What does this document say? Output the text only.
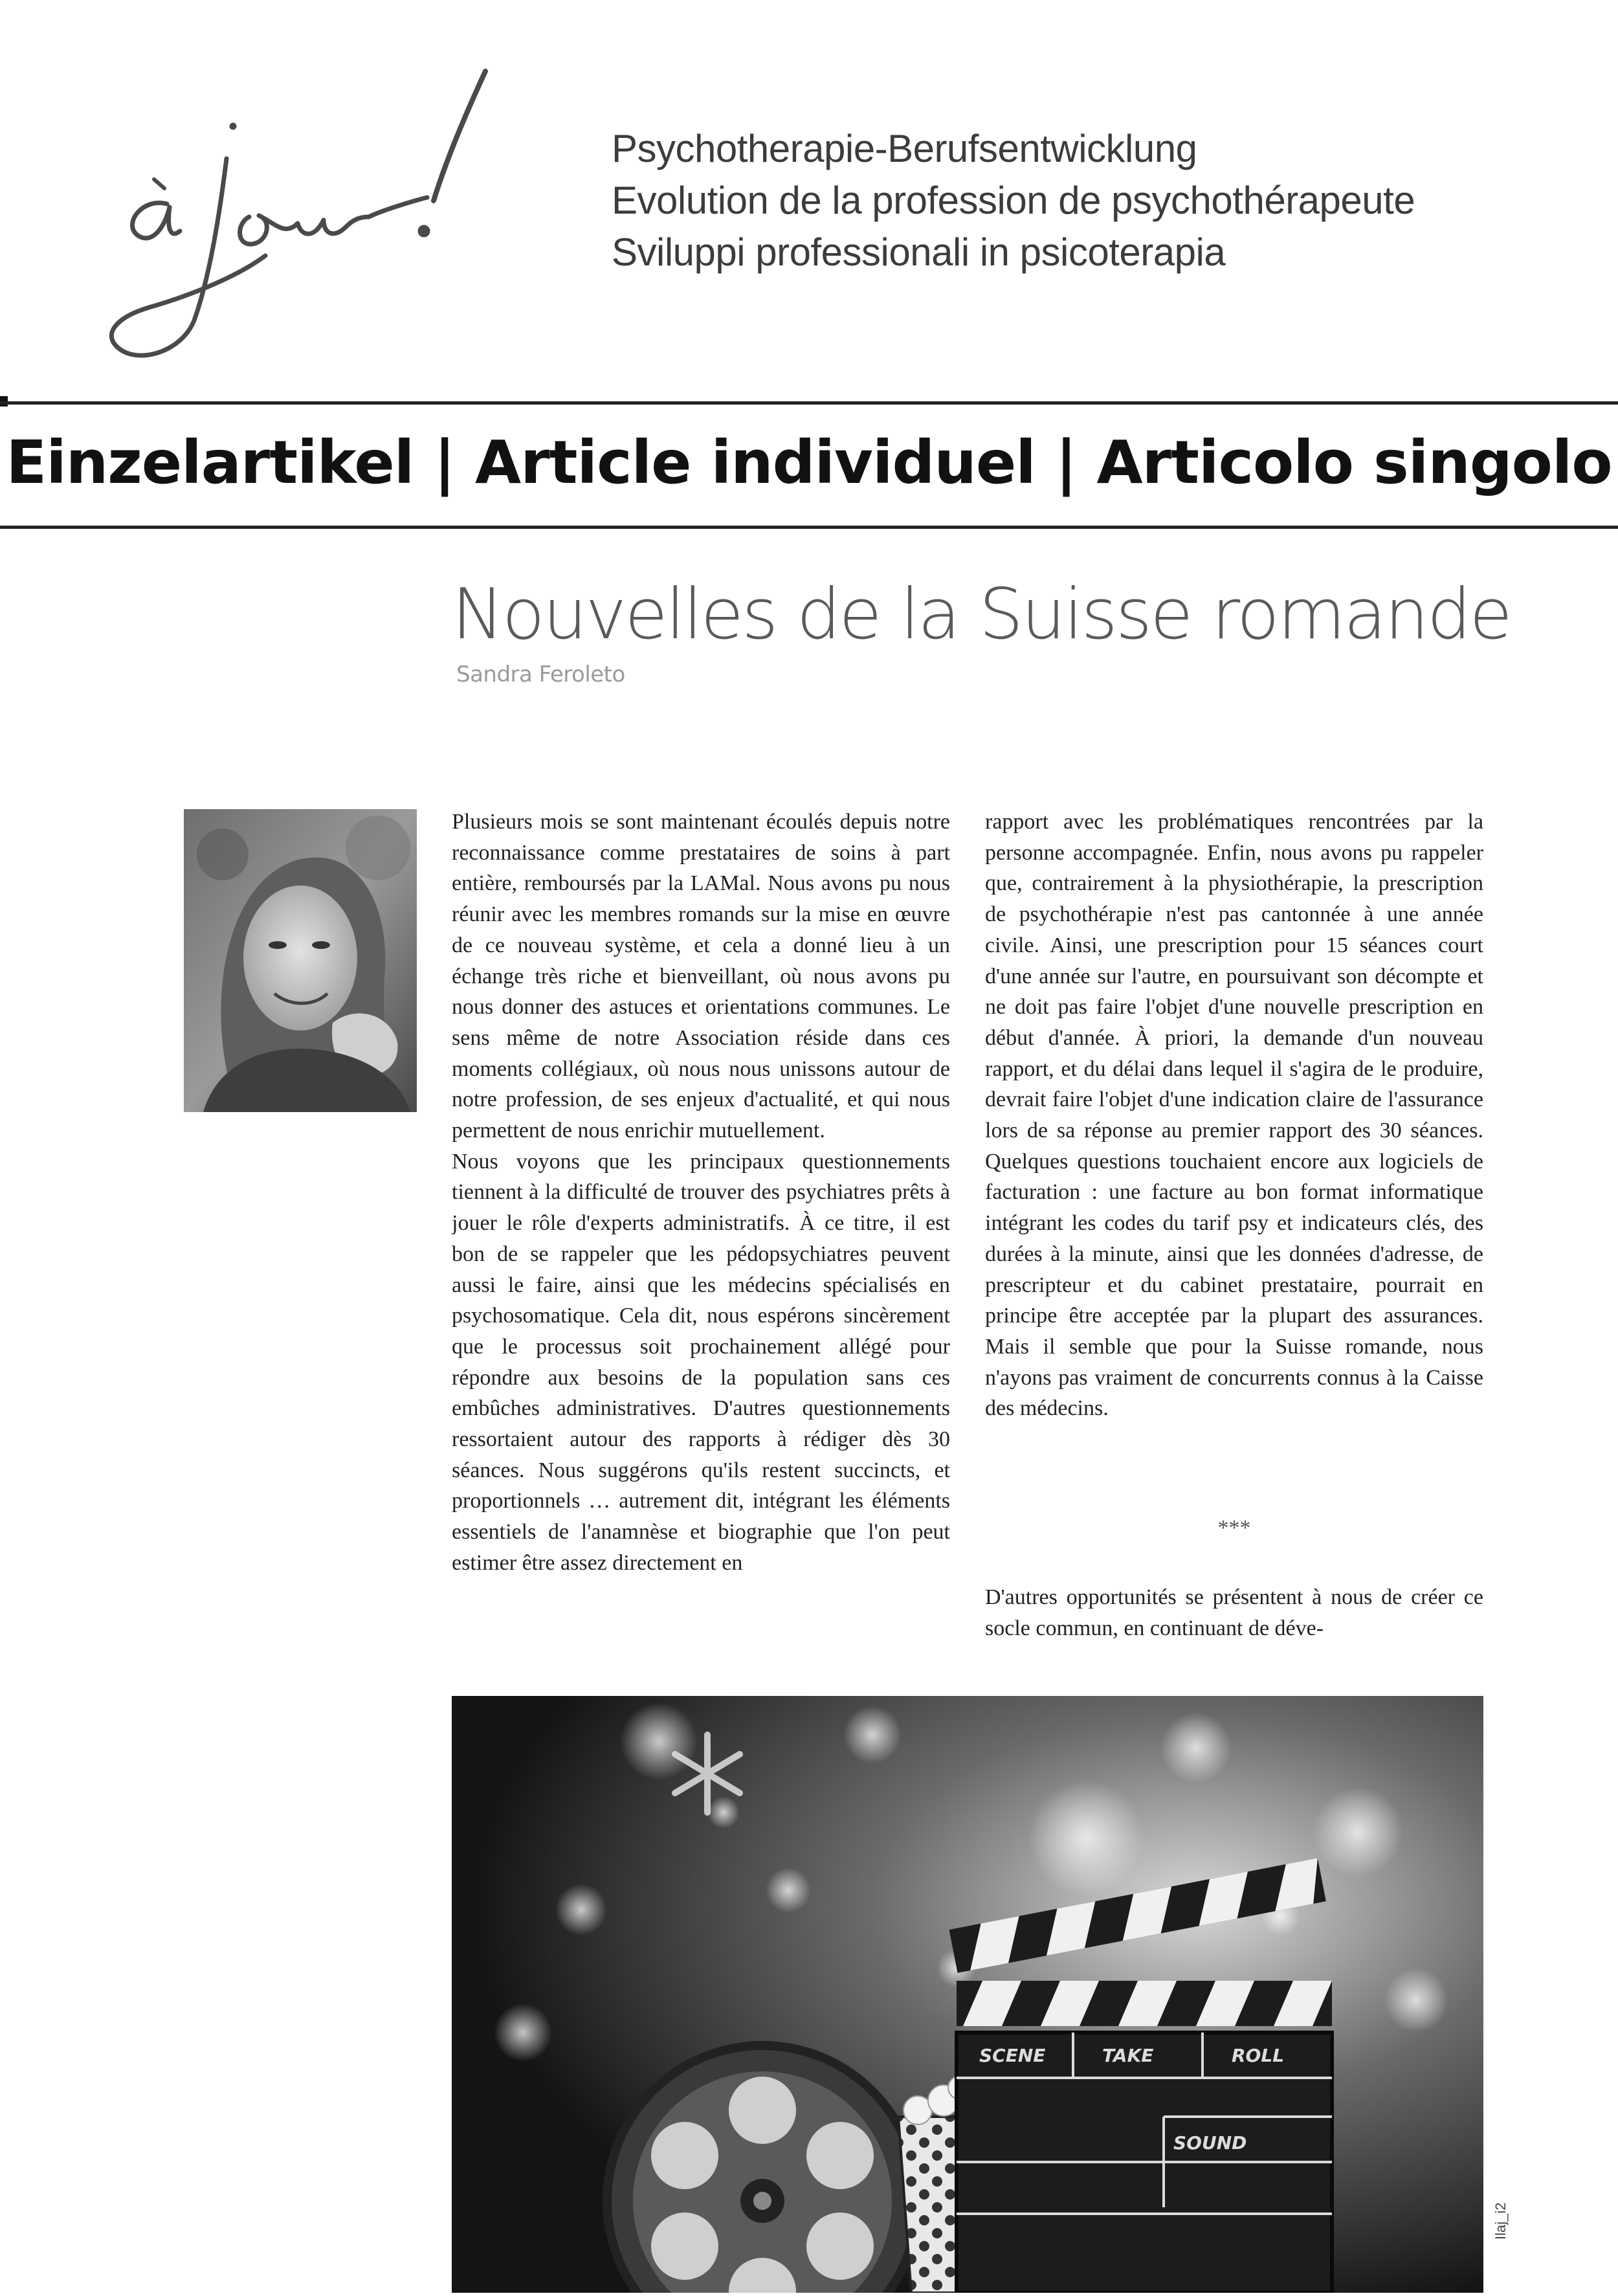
Psychotherapie-Berufsentwicklung
Evolution de la profession de psychothérapeute
Sviluppi professionali in psicoterapia
Einzelartikel | Article individuel | Articolo singolo
Nouvelles de la Suisse romande
Sandra Feroleto

Plusieurs mois se sont maintenant écoulés depuis notre reconnaissance comme prestataires de soins à part entière, remboursés par la LAMal. Nous avons pu nous réunir avec les membres romands sur la mise en œuvre de ce nouveau système, et cela a donné lieu à un échange très riche et bienveillant, où nous avons pu nous donner des astuces et orientations communes. Le sens même de notre Association réside dans ces moments collégiaux, où nous nous unissons autour de notre profession, de ses enjeux d'actualité, et qui nous permettent de nous enrichir mutuellement.

Nous voyons que les principaux questionnements tiennent à la difficulté de trouver des psychiatres prêts à jouer le rôle d'experts administratifs. À ce titre, il est bon de se rappeler que les pédopsychiatres peuvent aussi le faire, ainsi que les médecins spécialisés en psychosomatique. Cela dit, nous espérons sincèrement que le processus soit prochainement allégé pour répondre aux besoins de la population sans ces embûches administratives. D'autres questionnements ressortaient autour des rapports à rédiger dès 30 séances. Nous suggérons qu'ils restent succincts, et proportionnels … autrement dit, intégrant les éléments essentiels de l'anamnèse et biographie que l'on peut estimer être assez directement en

rapport avec les problématiques rencontrées par la personne accompagnée. Enfin, nous avons pu rappeler que, contrairement à la physiothérapie, la prescription de psychothérapie n'est pas cantonnée à une année civile. Ainsi, une prescription pour 15 séances court d'une année sur l'autre, en poursuivant son décompte et ne doit pas faire l'objet d'une nouvelle prescription en début d'année. À priori, la demande d'un nouveau rapport, et du délai dans lequel il s'agira de le produire, devrait faire l'objet d'une indication claire de l'assurance lors de sa réponse au premier rapport des 30 séances. Quelques questions touchaient encore aux logiciels de facturation : une facture au bon format informatique intégrant les codes du tarif psy et indicateurs clés, des durées à la minute, ainsi que les données d'adresse, de prescripteur et du cabinet prestataire, pourrait en principe être acceptée par la plupart des assurances. Mais il semble que pour la Suisse romande, nous n'ayons pas vraiment de concurrents connus à la Caisse des médecins.

***

D'autres opportunités se présentent à nous de créer ce socle commun, en continuant de déve-

SCENE	TAKE	ROLL
SOUND
Ilaj_i2
